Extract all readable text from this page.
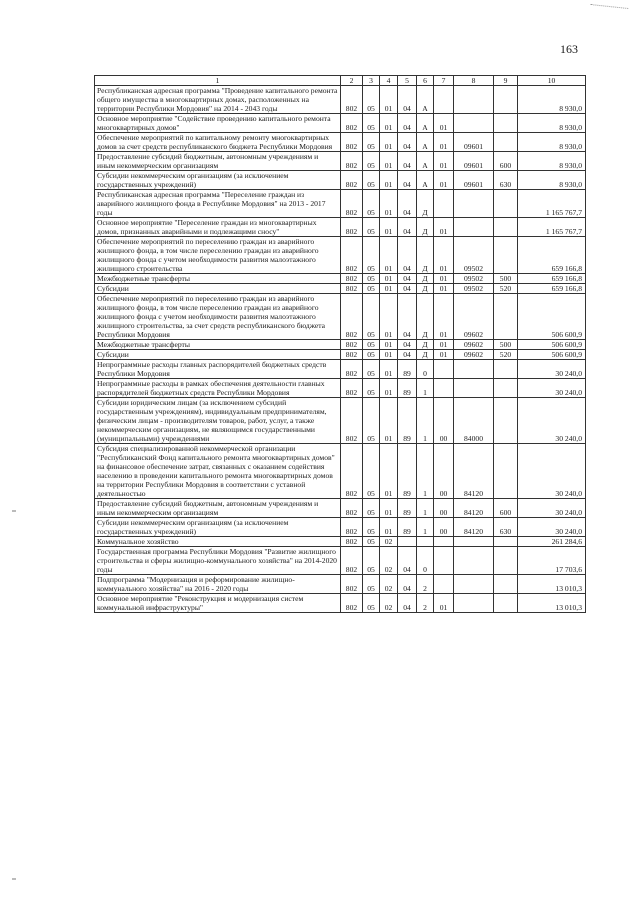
163
1	2	3	4	5	6	7	8	9	10
Республиканская адресная программа "Проведение капитального ремонта общего имущества в многоквартирных домах, расположенных на территории Республики Мордовия" на 2014 - 2043 годы	802	05	01	04	А				8 930,0
Основное мероприятие "Содействие проведению капитального ремонта многоквартирных домов"	802	05	01	04	А	01			8 930,0
Обеспечение мероприятий по капитальному ремонту многоквартирных домов за счет средств республиканского бюджета Республики Мордовия	802	05	01	04	А	01	09601		8 930,0
Предоставление субсидий бюджетным, автономным учреждениям и иным некоммерческим организациям	802	05	01	04	А	01	09601	600	8 930,0
Субсидии некоммерческим организациям (за исключением государственных учреждений)	802	05	01	04	А	01	09601	630	8 930,0
Республиканская адресная программа "Переселение граждан из аварийного жилищного фонда в Республике Мордовия" на 2013 - 2017 годы	802	05	01	04	Д				1 165 767,7
Основное мероприятие "Переселение граждан из многоквартирных домов, признанных аварийными и подлежащими сносу"	802	05	01	04	Д	01			1 165 767,7
Обеспечение мероприятий по переселению граждан из аварийного жилищного фонда, в том числе переселению граждан из аварийного жилищного фонда с учетом необходимости развития малоэтажного жилищного строительства	802	05	01	04	Д	01	09502		659 166,8
Межбюджетные трансферты	802	05	01	04	Д	01	09502	500	659 166,8
Субсидии	802	05	01	04	Д	01	09502	520	659 166,8
Обеспечение мероприятий по переселению граждан из аварийного жилищного фонда, в том числе переселению граждан из аварийного жилищного фонда с учетом необходимости развития малоэтажного жилищного строительства, за счет средств республиканского бюджета Республики Мордовия	802	05	01	04	Д	01	09602		506 600,9
Межбюджетные трансферты	802	05	01	04	Д	01	09602	500	506 600,9
Субсидии	802	05	01	04	Д	01	09602	520	506 600,9
Непрограммные расходы главных распорядителей бюджетных средств Республики Мордовия	802	05	01	89	0				30 240,0
Непрограммные расходы в рамках обеспечения деятельности главных распорядителей бюджетных средств Республики Мордовия	802	05	01	89	1				30 240,0
Субсидии юридическим лицам (за исключением субсидий государственным учреждениям), индивидуальным предпринимателям, физическим лицам - производителям товаров, работ, услуг, а также некоммерческим организациям, не являющимся государственными (муниципальными) учреждениями	802	05	01	89	1	00	84000		30 240,0
Субсидия специализированной некоммерческой организации "Республиканский Фонд капитального ремонта многоквартирных домов" на финансовое обеспечение затрат, связанных с оказанием содействия населению в проведении капитального ремонта многоквартирных домов на территории Республики Мордовия в соответствии с уставной деятельностью	802	05	01	89	1	00	84120		30 240,0
Предоставление субсидий бюджетным, автономным учреждениям и иным некоммерческим организациям	802	05	01	89	1	00	84120	600	30 240,0
Субсидии некоммерческим организациям (за исключением государственных учреждений)	802	05	01	89	1	00	84120	630	30 240,0
Коммунальное хозяйство	802	05	02						261 284,6
Государственная программа Республики Мордовия "Развитие жилищного строительства и сферы жилищно-коммунального хозяйства" на 2014-2020 годы	802	05	02	04	0				17 703,6
Подпрограмма "Модернизация и реформирование жилищно-коммунального хозяйства" на 2016 - 2020 годы	802	05	02	04	2				13 010,3
Основное мероприятие "Реконструкция и модернизация систем коммунальной инфраструктуры"	802	05	02	04	2	01			13 010,3
